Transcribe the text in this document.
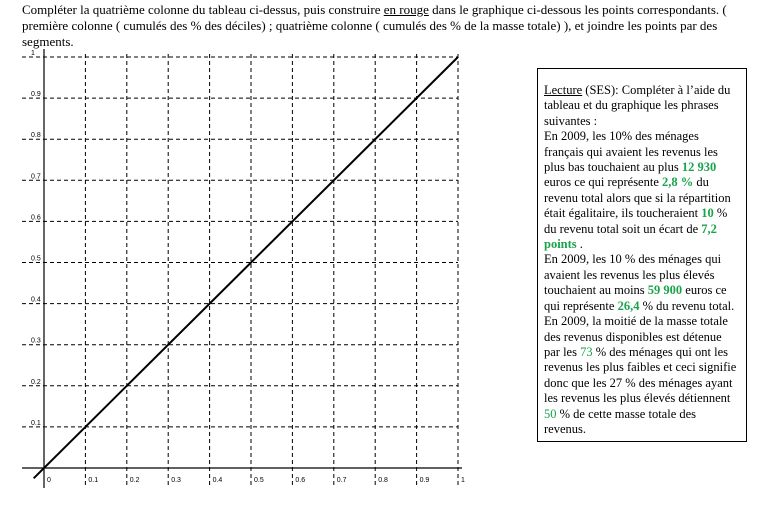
Compléter la quatrième colonne du tableau ci-dessus, puis construire en rouge dans le graphique ci-dessous les points correspondants. ( première colonne ( cumulés des % des déciles) ; quatrième colonne ( cumulés des % de la masse totale) ), et joindre les points par des segments.

0	0.1	0.2	0.3	0.4	0.5	0.6	0.7	0.8	0.9	1
0.1
0.2
0.3
0.4
0.5
0.6
0.7
0.8
0.9
1

Lecture (SES): Compléter à l’aide du tableau et du graphique les phrases suivantes :

En 2009, les 10% des ménages français qui avaient les revenus les plus bas touchaient au plus 12 930 euros ce qui représente 2,8 % du revenu total alors que si la répartition était égalitaire, ils toucheraient 10 % du revenu total soit un écart de 7,2 points .

En 2009, les 10 % des ménages qui avaient les revenus les plus élevés touchaient au moins 59 900 euros ce qui représente 26,4 % du revenu total.

En 2009, la moitié de la masse totale des revenus disponibles est détenue par les 73 % des ménages qui ont les revenus les plus faibles et ceci signifie donc que les 27 % des ménages ayant les revenus les plus élevés détiennent 50 % de cette masse totale des revenus.
